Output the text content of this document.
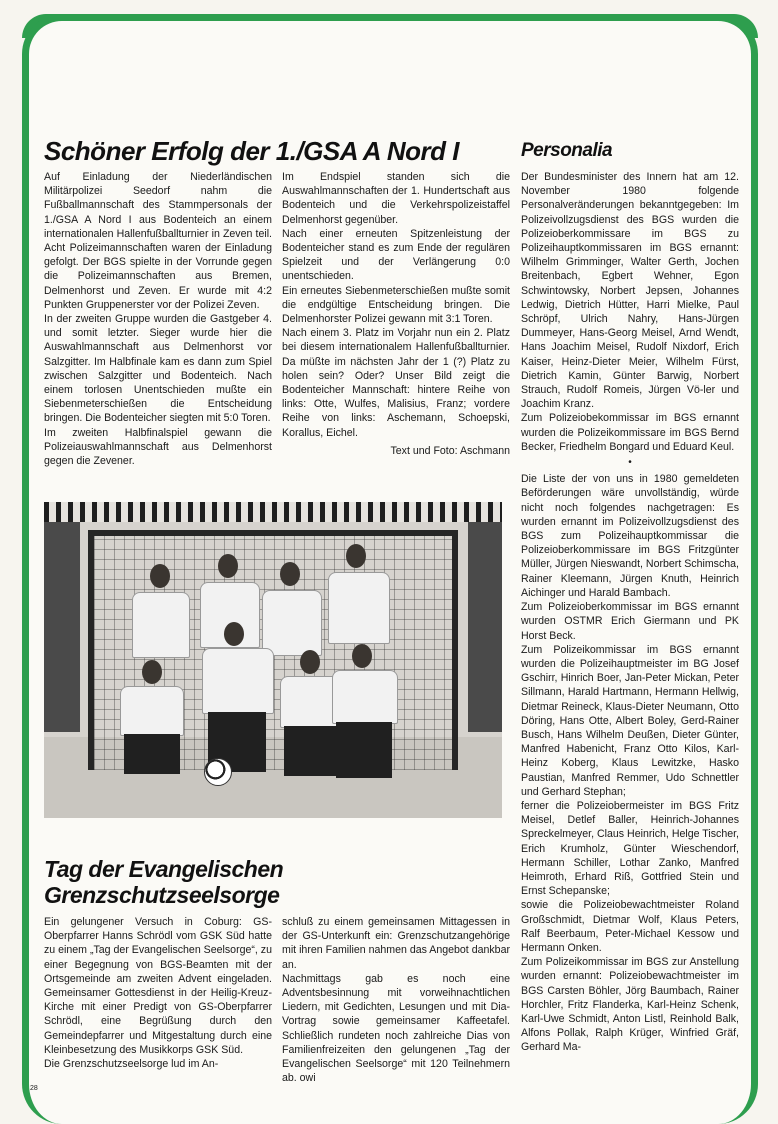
Schöner Erfolg der 1./GSA A Nord I	Personalia

Auf Einladung der Niederländischen Militärpolizei Seedorf nahm die Fußballmannschaft des Stammpersonals der 1./GSA A Nord I aus Bodenteich an einem internationalen Hallenfußballturnier in Zeven teil. Acht Polizeimannschaften waren der Einladung gefolgt. Der BGS spielte in der Vorrunde gegen die Polizeimannschaften aus Bremen, Delmenhorst und Zeven. Er wurde mit 4:2 Punkten Gruppenerster vor der Polizei Zeven.

In der zweiten Gruppe wurden die Gastgeber 4. und somit letzter. Sieger wurde hier die Auswahlmannschaft aus Delmenhorst vor Salzgitter. Im Halbfinale kam es dann zum Spiel zwischen Salzgitter und Bodenteich. Nach einem torlosen Unentschieden mußte ein Siebenmeterschießen die Entscheidung bringen. Die Bodenteicher siegten mit 5:0 Toren.

Im zweiten Halbfinalspiel gewann die Polizeiauswahlmannschaft aus Delmenhorst gegen die Zevener.

Im Endspiel standen sich die Auswahlmannschaften der 1. Hundertschaft aus Bodenteich und die Verkehrspolizeistaffel Delmenhorst gegenüber.

Nach einer erneuten Spitzenleistung der Bodenteicher stand es zum Ende der regulären Spielzeit und der Verlängerung 0:0 unentschieden.

Ein erneutes Siebenmeterschießen mußte somit die endgültige Entscheidung bringen. Die Delmenhorster Polizei gewann mit 3:1 Toren.

Nach einem 3. Platz im Vorjahr nun ein 2. Platz bei diesem internationalem Hallenfußballturnier. Da müßte im nächsten Jahr der 1 (?) Platz zu holen sein? Oder? Unser Bild zeigt die Bodenteicher Mannschaft: hintere Reihe von links: Otte, Wulfes, Malisius, Franz; vordere Reihe von links: Aschemann, Schoepski, Korallus, Eichel.

Text und Foto: Aschmann

Tag der Evangelischen Grenzschutzseelsorge

Ein gelungener Versuch in Coburg: GS-Oberpfarrer Hanns Schrödl vom GSK Süd hatte zu einem „Tag der Evangelischen Seelsorge“, zu einer Begegnung von BGS-Beamten mit der Ortsgemeinde am zweiten Advent eingeladen. Gemeinsamer Gottesdienst in der Heilig-Kreuz-Kirche mit einer Predigt von GS-Oberpfarrer Schrödl, eine Begrüßung durch den Gemeindepfarrer und Mitgestaltung durch eine Kleinbesetzung des Musikkorps GSK Süd.

Die Grenzschutzseelsorge lud im An-

schluß zu einem gemeinsamen Mittagessen in der GS-Unterkunft ein: Grenzschutzangehörige mit ihren Familien nahmen das Angebot dankbar an.

Nachmittags gab es noch eine Adventsbesinnung mit vorweihnachtlichen Liedern, mit Gedichten, Lesungen und mit Dia-Vortrag sowie gemeinsamer Kaffeetafel. Schließlich rundeten noch zahlreiche Dias von Familienfreizeiten den gelungenen „Tag der Evangelischen Seelsorge“ mit 120 Teilnehmern ab. owi

Der Bundesminister des Innern hat am 12. November 1980 folgende Personalveränderungen bekanntgegeben: Im Polizeivollzugsdienst des BGS wurden die Polizeioberkommissare im BGS zu Polizeihauptkommissaren im BGS ernannt: Wilhelm Grimminger, Walter Gerth, Jochen Breitenbach, Egbert Wehner, Egon Schwintowsky, Norbert Jepsen, Johannes Ledwig, Dietrich Hütter, Harri Mielke, Paul Schröpf, Ulrich Nahry, Hans-Jürgen Dummeyer, Hans-Georg Meisel, Arnd Wendt, Hans Joachim Meisel, Rudolf Nixdorf, Erich Kaiser, Heinz-Dieter Meier, Wilhelm Fürst, Dietrich Kamin, Günter Barwig, Norbert Strauch, Rudolf Romeis, Jürgen Vö-ler und Joachim Kranz.

Zum Polizeiobekommissar im BGS ernannt wurden die Polizeikommissare im BGS Bernd Becker, Friedhelm Bongard und Eduard Keul.

•

Die Liste der von uns in 1980 gemeldeten Beförderungen wäre unvollständig, würde nicht noch folgendes nachgetragen: Es wurden ernannt im Polizeivollzugsdienst des BGS zum Polizeihauptkommissar die Polizeioberkommissare im BGS Fritzgünter Müller, Jürgen Nieswandt, Norbert Schimscha, Rainer Kleemann, Jürgen Knuth, Heinrich Aichinger und Harald Bambach.

Zum Polizeioberkommissar im BGS ernannt wurden OSTMR Erich Giermann und PK Horst Beck.

Zum Polizeikommissar im BGS ernannt wurden die Polizeihauptmeister im BG Josef Gschirr, Hinrich Boer, Jan-Peter Mickan, Peter Sillmann, Harald Hartmann, Hermann Hellwig, Dietmar Reineck, Klaus-Dieter Neumann, Otto Döring, Hans Otte, Albert Boley, Gerd-Rainer Busch, Hans Wilhelm Deußen, Dieter Günter, Manfred Habenicht, Franz Otto Kilos, Karl-Heinz Koberg, Klaus Lewitzke, Hasko Paustian, Manfred Remmer, Udo Schnettler und Gerhard Stephan;

ferner die Polizeiobermeister im BGS Fritz Meisel, Detlef Baller, Heinrich-Johannes Spreckelmeyer, Claus Heinrich, Helge Tischer, Erich Krumholz, Günter Wieschendorf, Hermann Schiller, Lothar Zanko, Manfred Heimroth, Erhard Riß, Gottfried Stein und Ernst Schepanske;

sowie die Polizeiobewachtmeister Roland Großschmidt, Dietmar Wolf, Klaus Peters, Ralf Beerbaum, Peter-Michael Kessow und Hermann Onken.

Zum Polizeikommissar im BGS zur Anstellung wurden ernannt: Polizeiobewachtmeister im BGS Carsten Böhler, Jörg Baumbach, Rainer Horchler, Fritz Flanderka, Karl-Heinz Schenk, Karl-Uwe Schmidt, Anton Listl, Reinhold Balk, Alfons Pollak, Ralph Krüger, Winfried Gräf, Gerhard Ma-

28
